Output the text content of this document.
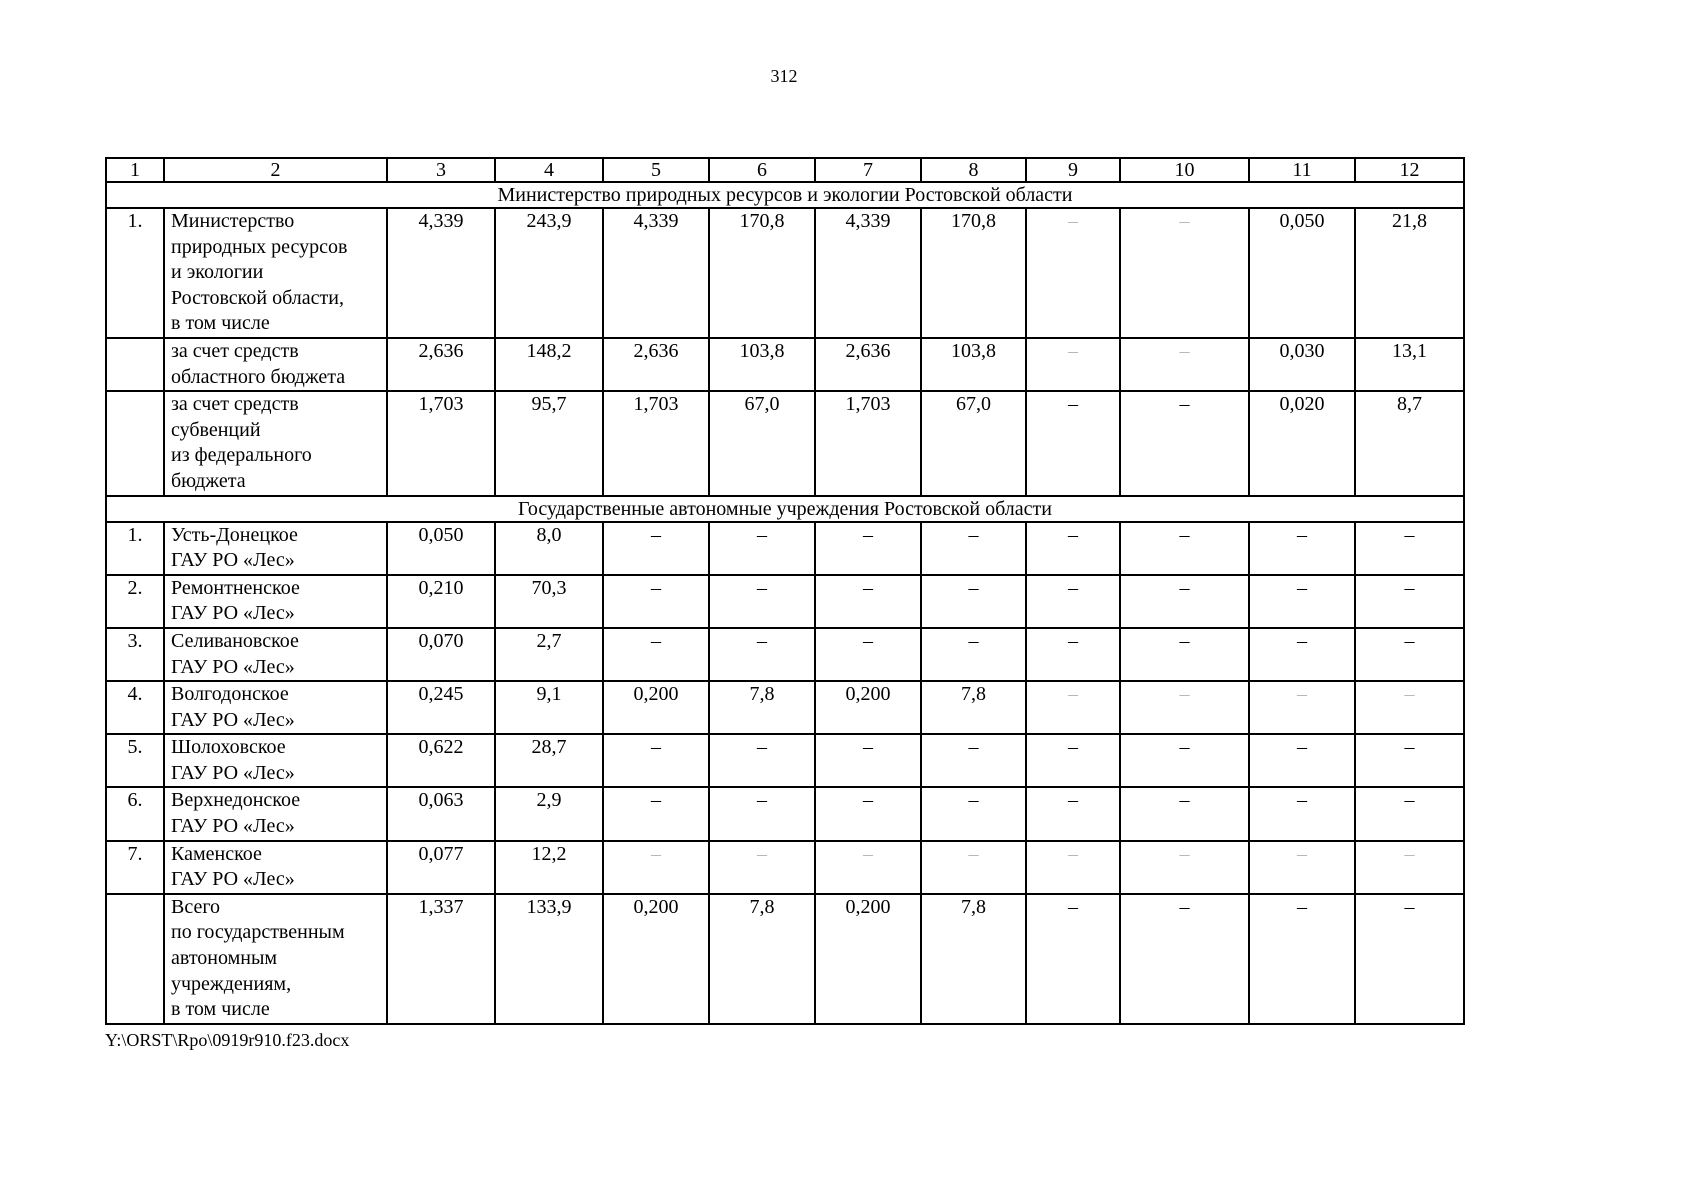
312
1	2	3	4	5	6	7	8	9	10	11	12
Министерство природных ресурсов и экологии Ростовской области											
1.	Министерство
природных ресурсов
и экологии
Ростовской области,
в том числе	4,339	243,9	4,339	170,8	4,339	170,8	–	–	0,050	21,8
	за счет средств
областного бюджета	2,636	148,2	2,636	103,8	2,636	103,8	–	–	0,030	13,1
	за счет средств
субвенций
из федерального
бюджета	1,703	95,7	1,703	67,0	1,703	67,0	–	–	0,020	8,7
Государственные автономные учреждения Ростовской области											
1.	Усть-Донецкое
ГАУ РО «Лес»	0,050	8,0	–	–	–	–	–	–	–	–
2.	Ремонтненское
ГАУ РО «Лес»	0,210	70,3	–	–	–	–	–	–	–	–
3.	Селивановское
ГАУ РО «Лес»	0,070	2,7	–	–	–	–	–	–	–	–
4.	Волгодонское
ГАУ РО «Лес»	0,245	9,1	0,200	7,8	0,200	7,8	–	–	–	–
5.	Шолоховское
ГАУ РО «Лес»	0,622	28,7	–	–	–	–	–	–	–	–
6.	Верхнедонское
ГАУ РО «Лес»	0,063	2,9	–	–	–	–	–	–	–	–
7.	Каменское
ГАУ РО «Лес»	0,077	12,2	–	–	–	–	–	–	–	–
	Всего
по государственным
автономным
учреждениям,
в том числе	1,337	133,9	0,200	7,8	0,200	7,8	–	–	–	–
Y:\ORST\Rpo\0919r910.f23.docx
